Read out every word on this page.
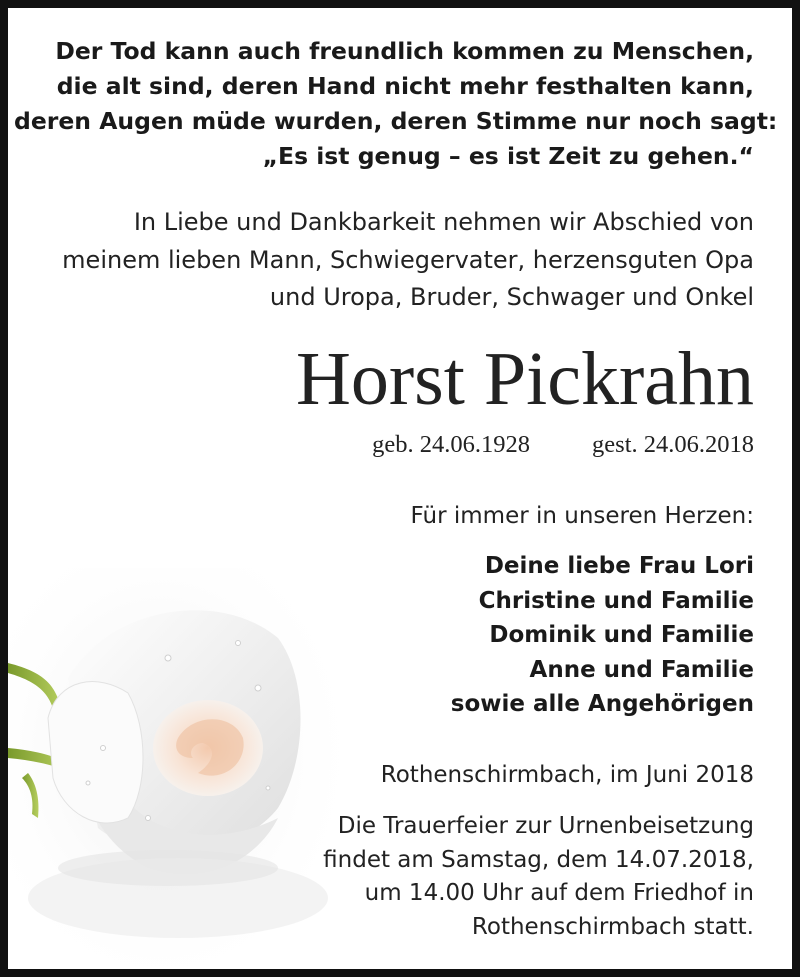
Der Tod kann auch freundlich kommen zu Menschen,
die alt sind, deren Hand nicht mehr festhalten kann,
deren Augen müde wurden, deren Stimme nur noch sagt:
„Es ist genug – es ist Zeit zu gehen.“
In Liebe und Dankbarkeit nehmen wir Abschied von
meinem lieben Mann, Schwiegervater, herzensguten Opa
und Uropa, Bruder, Schwager und Onkel
Horst Pickrahn
geb. 24.06.1928	gest. 24.06.2018
Für immer in unseren Herzen:
Deine liebe Frau Lori
Christine und Familie
Dominik und Familie
Anne und Familie
sowie alle Angehörigen
Rothenschirmbach, im Juni 2018
Die Trauerfeier zur Urnenbeisetzung
findet am Samstag, dem 14.07.2018,
um 14.00 Uhr auf dem Friedhof in
Rothenschirmbach statt.
